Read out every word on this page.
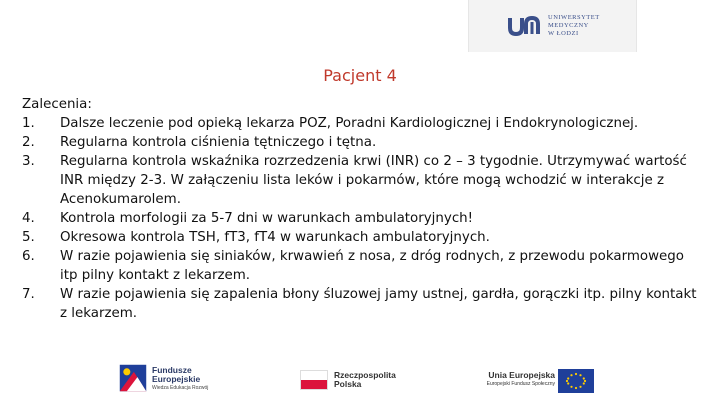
UNIWERSYTET
MEDYCZNY
W ŁODZI
Pacjent 4

Zalecenia:

1.	Dalsze leczenie pod opieką lekarza POZ, Poradni Kardiologicznej i Endokrynologicznej.
2.	Regularna kontrola ciśnienia tętniczego i tętna.
3.	Regularna kontrola wskaźnika rozrzedzenia krwi (INR) co 2 – 3 tygodnie. Utrzymywać wartość INR między 2-3. W załączeniu lista leków i pokarmów, które mogą wchodzić w interakcje z Acenokumarolem.
4.	Kontrola morfologii za 5-7 dni w warunkach ambulatoryjnych!
5.	Okresowa kontrola TSH, fT3, fT4 w warunkach ambulatoryjnych.
6.	W razie pojawienia się siniaków, krwawień z nosa, z dróg rodnych, z przewodu pokarmowego itp pilny kontakt z lekarzem.
7.	W razie pojawienia się zapalenia błony śluzowej jamy ustnej, gardła, gorączki itp. pilny kontakt z lekarzem.
Fundusze
Europejskie
Wiedza Edukacja Rozwój
Rzeczpospolita
Polska
Unia Europejska
Europejski Fundusz Społeczny
